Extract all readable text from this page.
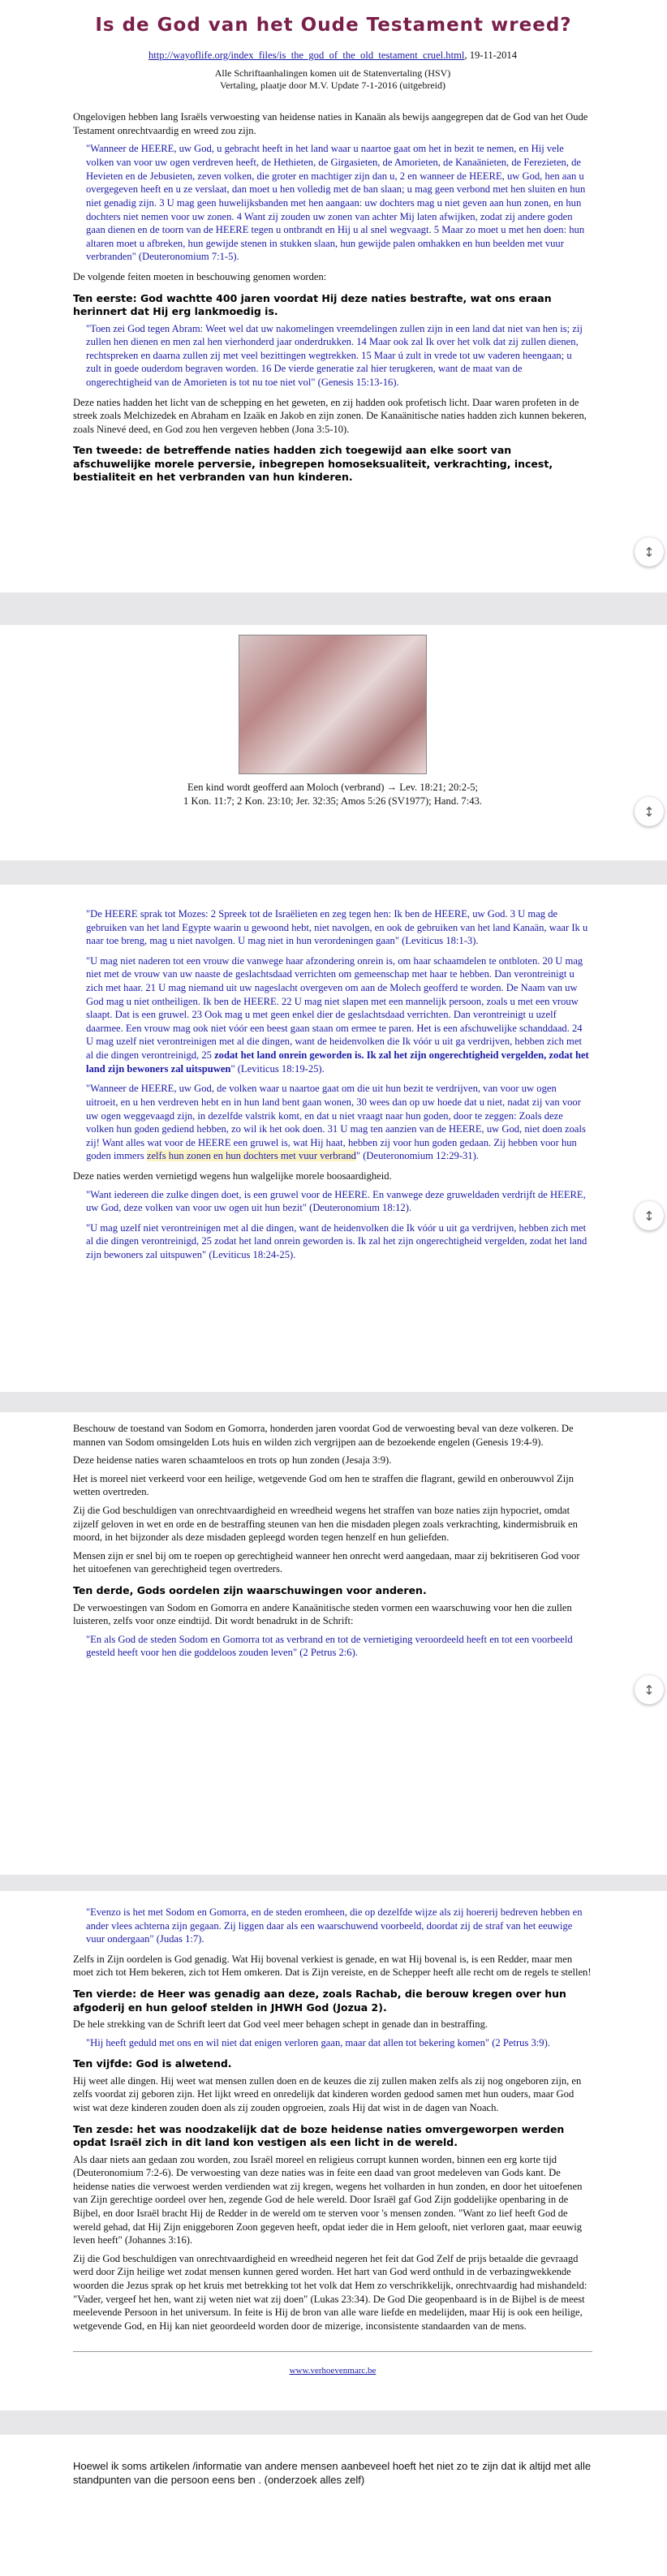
Is de God van het Oude Testament wreed?

http://wayoflife.org/index_files/is_the_god_of_the_old_testament_cruel.html, 19-11-2014

Alle Schriftaanhalingen komen uit de Statenvertaling (HSV)

Vertaling, plaatje door M.V. Update 7-1-2016 (uitgebreid)

Ongelovigen hebben lang Israëls verwoesting van heidense naties in Kanaän als bewijs aangegrepen dat de God van het Oude Testament onrechtvaardig en wreed zou zijn.

"Wanneer de HEERE, uw God, u gebracht heeft in het land waar u naartoe gaat om het in bezit te nemen, en Hij vele volken van voor uw ogen verdreven heeft, de Hethieten, de Girgasieten, de Amorieten, de Kanaänieten, de Ferezieten, de Hevieten en de Jebusieten, zeven volken, die groter en machtiger zijn dan u, 2 en wanneer de HEERE, uw God, hen aan u overgegeven heeft en u ze verslaat, dan moet u hen volledig met de ban slaan; u mag geen verbond met hen sluiten en hun niet genadig zijn. 3 U mag geen huwelijksbanden met hen aangaan: uw dochters mag u niet geven aan hun zonen, en hun dochters niet nemen voor uw zonen. 4 Want zij zouden uw zonen van achter Mij laten afwijken, zodat zij andere goden gaan dienen en de toorn van de HEERE tegen u ontbrandt en Hij u al snel wegvaagt. 5 Maar zo moet u met hen doen: hun altaren moet u afbreken, hun gewijde stenen in stukken slaan, hun gewijde palen omhakken en hun beelden met vuur verbranden" (Deuteronomium 7:1-5).

De volgende feiten moeten in beschouwing genomen worden:

Ten eerste: God wachtte 400 jaren voordat Hij deze naties bestrafte, wat ons eraan herinnert dat Hij erg lankmoedig is.

"Toen zei God tegen Abram: Weet wel dat uw nakomelingen vreemdelingen zullen zijn in een land dat niet van hen is; zij zullen hen dienen en men zal hen vierhonderd jaar onderdrukken. 14 Maar ook zal Ik over het volk dat zij zullen dienen, rechtspreken en daarna zullen zij met veel bezittingen wegtrekken. 15 Maar ú zult in vrede tot uw vaderen heengaan; u zult in goede ouderdom begraven worden. 16 De vierde generatie zal hier terugkeren, want de maat van de ongerechtigheid van de Amorieten is tot nu toe niet vol" (Genesis 15:13-16).

Deze naties hadden het licht van de schepping en het geweten, en zij hadden ook profetisch licht. Daar waren profeten in de streek zoals Melchizedek en Abraham en Izaäk en Jakob en zijn zonen. De Kanaänitische naties hadden zich kunnen bekeren, zoals Ninevé deed, en God zou hen vergeven hebben (Jona 3:5-10).

Ten tweede: de betreffende naties hadden zich toegewijd aan elke soort van afschuwelijke morele perversie, inbegrepen homoseksualiteit, verkrachting, incest, bestialiteit en het verbranden van hun kinderen.

↕

Een kind wordt geofferd aan Moloch (verbrand) → Lev. 18:21; 20:2-5;

1 Kon. 11:7; 2 Kon. 23:10; Jer. 32:35; Amos 5:26 (SV1977); Hand. 7:43.

↕

"De HEERE sprak tot Mozes: 2 Spreek tot de Israëlieten en zeg tegen hen: Ik ben de HEERE, uw God. 3 U mag de gebruiken van het land Egypte waarin u gewoond hebt, niet navolgen, en ook de gebruiken van het land Kanaän, waar Ik u naar toe breng, mag u niet navolgen. U mag niet in hun verordeningen gaan" (Leviticus 18:1-3).

"U mag niet naderen tot een vrouw die vanwege haar afzondering onrein is, om haar schaamdelen te ontbloten. 20 U mag niet met de vrouw van uw naaste de geslachtsdaad verrichten om gemeenschap met haar te hebben. Dan verontreinigt u zich met haar. 21 U mag niemand uit uw nageslacht overgeven om aan de Molech geofferd te worden. De Naam van uw God mag u niet ontheiligen. Ik ben de HEERE. 22 U mag niet slapen met een mannelijk persoon, zoals u met een vrouw slaapt. Dat is een gruwel. 23 Ook mag u met geen enkel dier de geslachtsdaad verrichten. Dan verontreinigt u uzelf daarmee. Een vrouw mag ook niet vóór een beest gaan staan om ermee te paren. Het is een afschuwelijke schanddaad. 24 U mag uzelf niet verontreinigen met al die dingen, want de heidenvolken die Ik vóór u uit ga verdrijven, hebben zich met al die dingen verontreinigd, 25 zodat het land onrein geworden is. Ik zal het zijn ongerechtigheid vergelden, zodat het land zijn bewoners zal uitspuwen" (Leviticus 18:19-25).

"Wanneer de HEERE, uw God, de volken waar u naartoe gaat om die uit hun bezit te verdrijven, van voor uw ogen uitroeit, en u hen verdreven hebt en in hun land bent gaan wonen, 30 wees dan op uw hoede dat u niet, nadat zij van voor uw ogen weggevaagd zijn, in dezelfde valstrik komt, en dat u niet vraagt naar hun goden, door te zeggen: Zoals deze volken hun goden gediend hebben, zo wil ik het ook doen. 31 U mag ten aanzien van de HEERE, uw God, niet doen zoals zij! Want alles wat voor de HEERE een gruwel is, wat Hij haat, hebben zij voor hun goden gedaan. Zij hebben voor hun goden immers zelfs hun zonen en hun dochters met vuur verbrand" (Deuteronomium 12:29-31).

Deze naties werden vernietigd wegens hun walgelijke morele boosaardigheid.

"Want iedereen die zulke dingen doet, is een gruwel voor de HEERE. En vanwege deze gruweldaden verdrijft de HEERE, uw God, deze volken van voor uw ogen uit hun bezit" (Deuteronomium 18:12).

"U mag uzelf niet verontreinigen met al die dingen, want de heidenvolken die Ik vóór u uit ga verdrijven, hebben zich met al die dingen verontreinigd, 25 zodat het land onrein geworden is. Ik zal het zijn ongerechtigheid vergelden, zodat het land zijn bewoners zal uitspuwen" (Leviticus 18:24-25).

↕

Beschouw de toestand van Sodom en Gomorra, honderden jaren voordat God de verwoesting beval van deze volkeren. De mannen van Sodom omsingelden Lots huis en wilden zich vergrijpen aan de bezoekende engelen (Genesis 19:4-9).

Deze heidense naties waren schaamteloos en trots op hun zonden (Jesaja 3:9).

Het is moreel niet verkeerd voor een heilige, wetgevende God om hen te straffen die flagrant, gewild en onberouwvol Zijn wetten overtreden.

Zij die God beschuldigen van onrechtvaardigheid en wreedheid wegens het straffen van boze naties zijn hypocriet, omdat zijzelf geloven in wet en orde en de bestraffing steunen van hen die misdaden plegen zoals verkrachting, kindermisbruik en moord, in het bijzonder als deze misdaden gepleegd worden tegen henzelf en hun geliefden.

Mensen zijn er snel bij om te roepen op gerechtigheid wanneer hen onrecht werd aangedaan, maar zij bekritiseren God voor het uitoefenen van gerechtigheid tegen overtreders.

Ten derde, Gods oordelen zijn waarschuwingen voor anderen.

De verwoestingen van Sodom en Gomorra en andere Kanaänitische steden vormen een waarschuwing voor hen die zullen luisteren, zelfs voor onze eindtijd. Dit wordt benadrukt in de Schrift:

"En als God de steden Sodom en Gomorra tot as verbrand en tot de vernietiging veroordeeld heeft en tot een voorbeeld gesteld heeft voor hen die goddeloos zouden leven" (2 Petrus 2:6).

↕

"Evenzo is het met Sodom en Gomorra, en de steden eromheen, die op dezelfde wijze als zij hoererij bedreven hebben en ander vlees achterna zijn gegaan. Zij liggen daar als een waarschuwend voorbeeld, doordat zij de straf van het eeuwige vuur ondergaan" (Judas 1:7).

Zelfs in Zijn oordelen is God genadig. Wat Hij bovenal verkiest is genade, en wat Hij bovenal is, is een Redder, maar men moet zich tot Hem bekeren, zich tot Hem omkeren. Dat is Zijn vereiste, en de Schepper heeft alle recht om de regels te stellen!

Ten vierde: de Heer was genadig aan deze, zoals Rachab, die berouw kregen over hun afgoderij en hun geloof stelden in JHWH God (Jozua 2).

De hele strekking van de Schrift leert dat God veel meer behagen schept in genade dan in bestraffing.

"Hij heeft geduld met ons en wil niet dat enigen verloren gaan, maar dat allen tot bekering komen" (2 Petrus 3:9).

Ten vijfde: God is alwetend.

Hij weet alle dingen. Hij weet wat mensen zullen doen en de keuzes die zij zullen maken zelfs als zij nog ongeboren zijn, en zelfs voordat zij geboren zijn. Het lijkt wreed en onredelijk dat kinderen worden gedood samen met hun ouders, maar God wist wat deze kinderen zouden doen als zij zouden opgroeien, zoals Hij dat wist in de dagen van Noach.

Ten zesde: het was noodzakelijk dat de boze heidense naties omvergeworpen werden opdat Israël zich in dit land kon vestigen als een licht in de wereld.

Als daar niets aan gedaan zou worden, zou Israël moreel en religieus corrupt kunnen worden, binnen een erg korte tijd (Deuteronomium 7:2-6). De verwoesting van deze naties was in feite een daad van groot medeleven van Gods kant. De heidense naties die verwoest werden verdienden wat zij kregen, wegens het volharden in hun zonden, en door het uitoefenen van Zijn gerechtige oordeel over hen, zegende God de hele wereld. Door Israël gaf God Zijn goddelijke openbaring in de Bijbel, en door Israël bracht Hij de Redder in de wereld om te sterven voor 's mensen zonden. "Want zo lief heeft God de wereld gehad, dat Hij Zijn eniggeboren Zoon gegeven heeft, opdat ieder die in Hem gelooft, niet verloren gaat, maar eeuwig leven heeft" (Johannes 3:16).

Zij die God beschuldigen van onrechtvaardigheid en wreedheid negeren het feit dat God Zelf de prijs betaalde die gevraagd werd door Zijn heilige wet zodat mensen kunnen gered worden. Het hart van God werd onthuld in de verbazingwekkende woorden die Jezus sprak op het kruis met betrekking tot het volk dat Hem zo verschrikkelijk, onrechtvaardig had mishandeld: "Vader, vergeef het hen, want zij weten niet wat zij doen" (Lukas 23:34). De God Die geopenbaard is in de Bijbel is de meest meelevende Persoon in het universum. In feite is Hij de bron van alle ware liefde en medelijden, maar Hij is ook een heilige, wetgevende God, en Hij kan niet geoordeeld worden door de mizerige, inconsistente standaarden van de mens.

www.verhoevenmarc.be

Hoewel ik soms artikelen /informatie van andere mensen aanbeveel hoeft het niet zo te zijn dat ik altijd met alle standpunten van die persoon eens ben . (onderzoek alles zelf)
